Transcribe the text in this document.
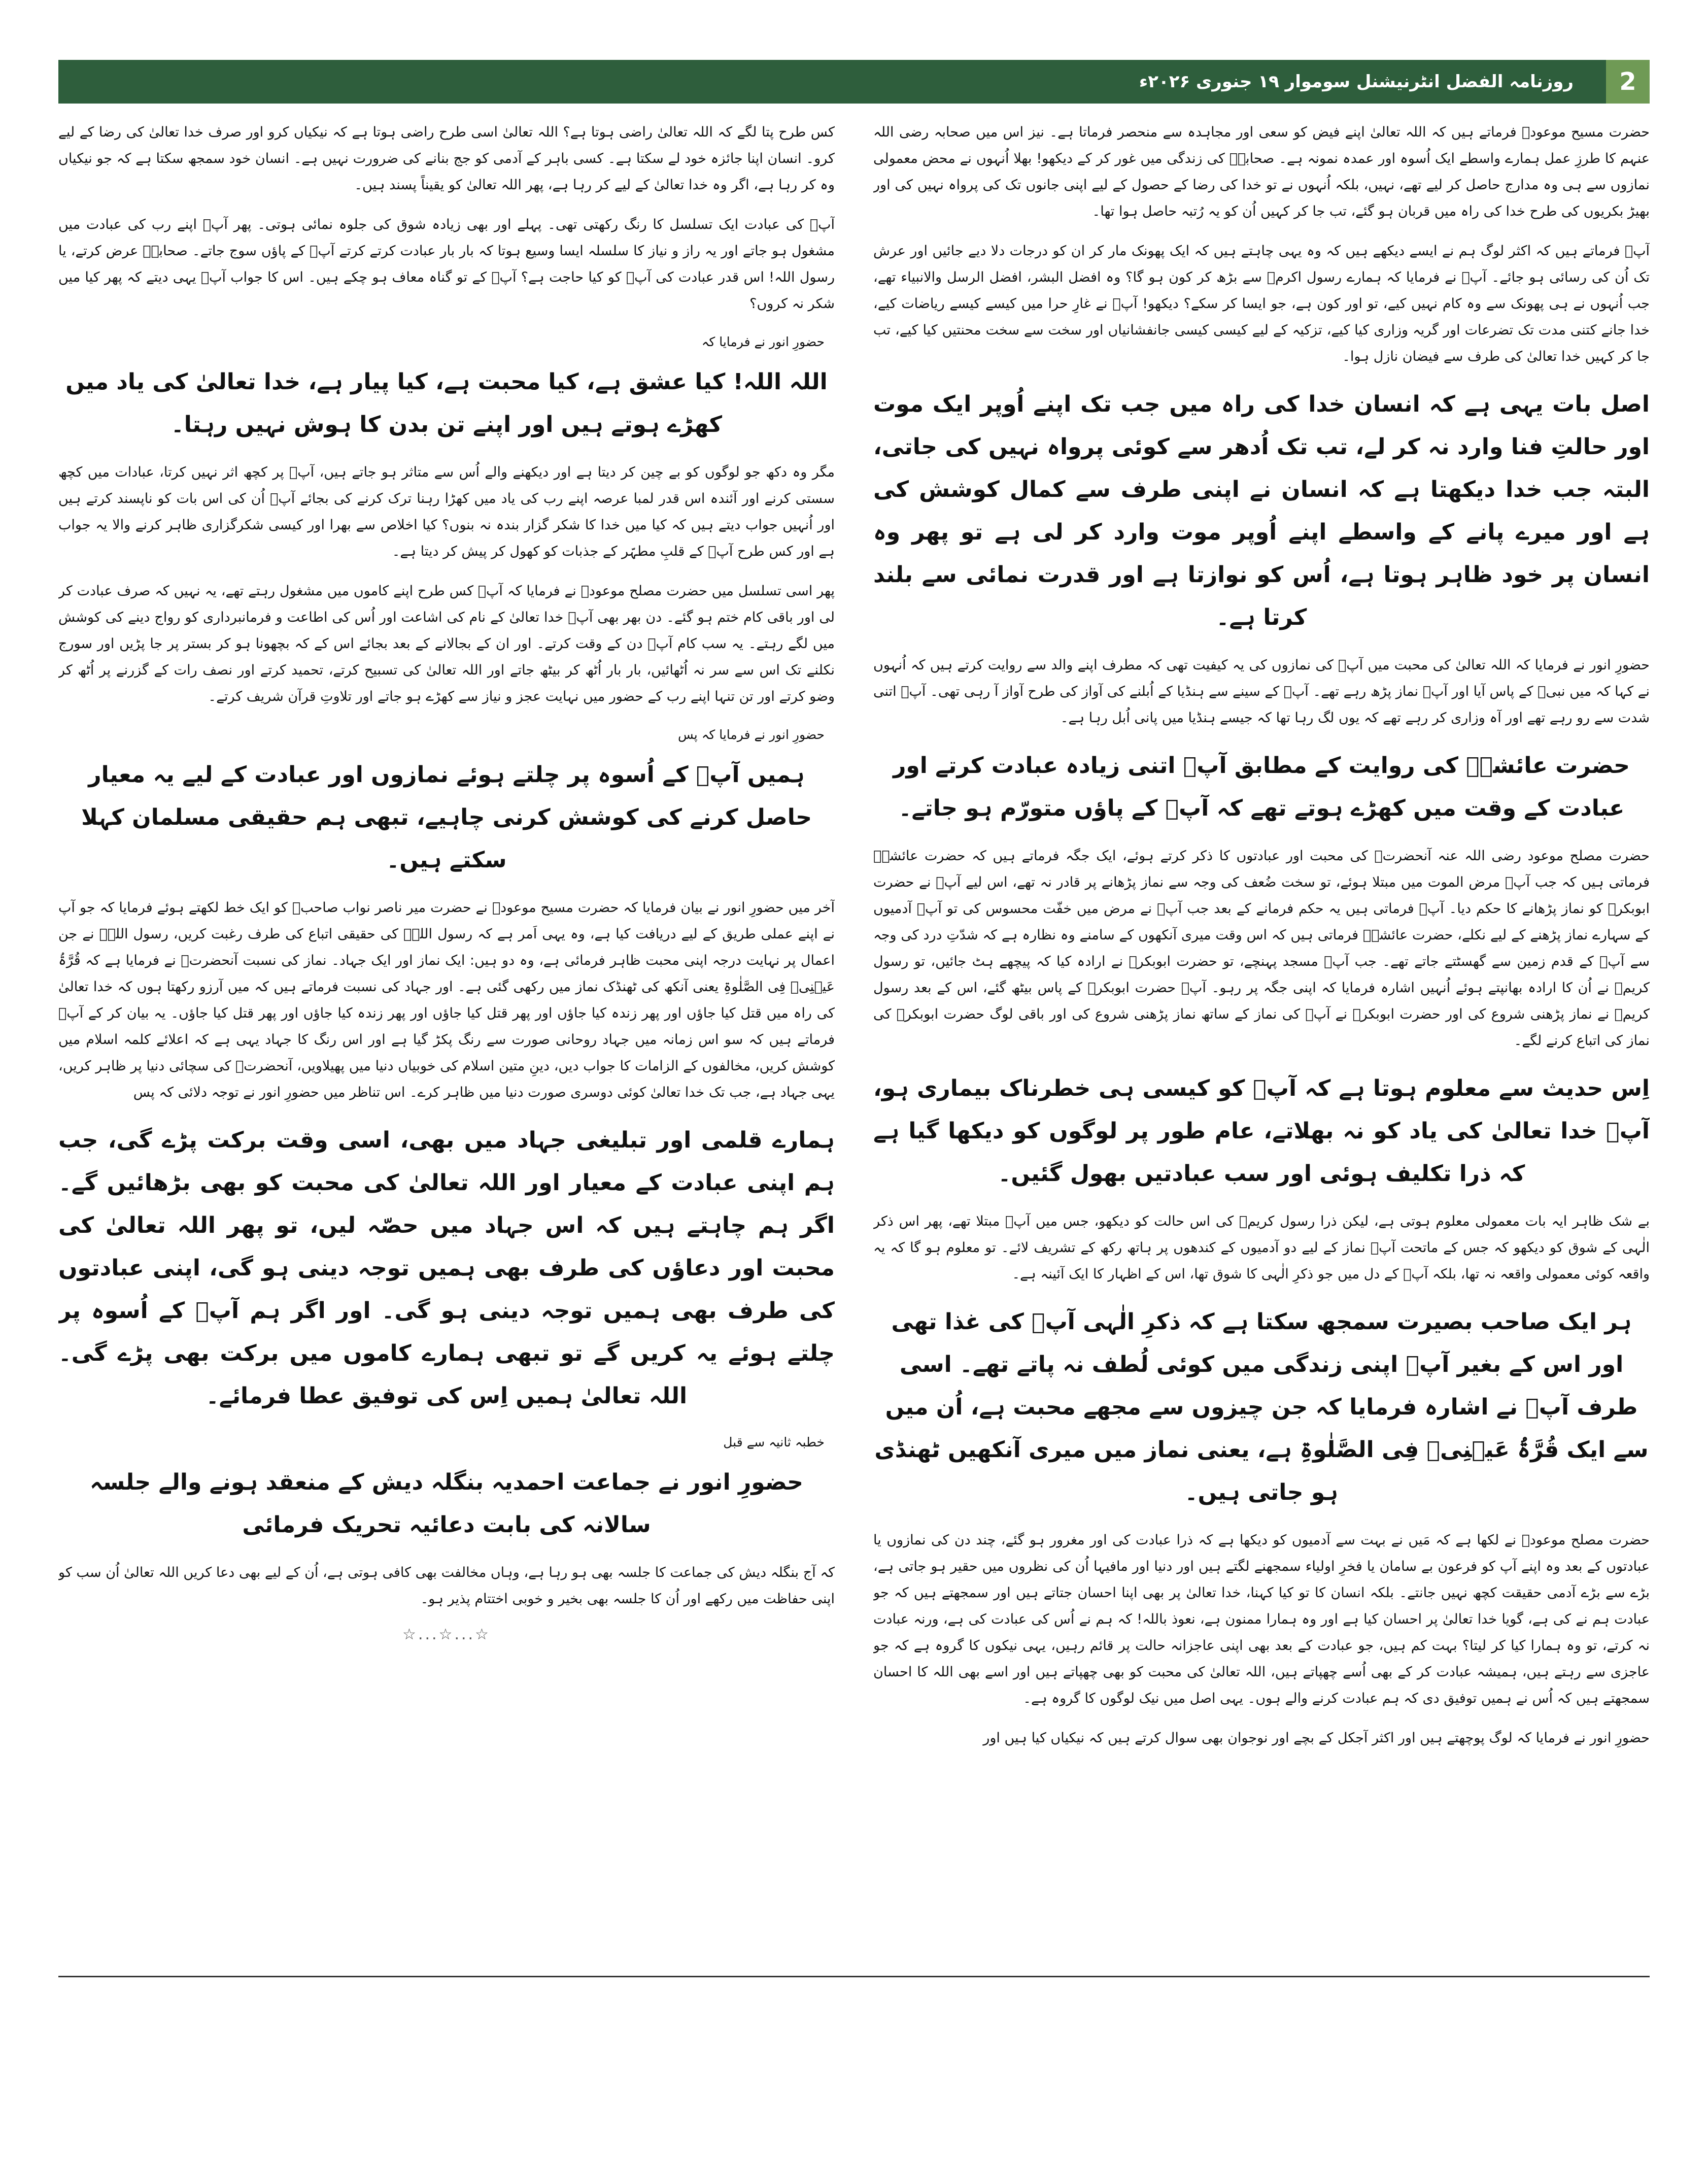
2
روزنامہ الفضل انٹرنیشنل سوموار ۱۹ جنوری ۲۰۲۶ء

حضرت مسیح موعودؑ فرماتے ہیں کہ اللہ تعالیٰ اپنے فیض کو سعی اور مجاہدہ سے منحصر فرماتا ہے۔ نیز اس میں صحابہ رضی اللہ عنہم کا طرزِ عمل ہمارے واسطے ایک اُسوہ اور عمدہ نمونہ ہے۔ صحابہؓ کی زندگی میں غور کر کے دیکھو! بھلا اُنہوں نے محض معمولی نمازوں سے ہی وہ مدارج حاصل کر لیے تھے، نہیں، بلکہ اُنہوں نے تو خدا کی رضا کے حصول کے لیے اپنی جانوں تک کی پرواہ نہیں کی اور بھیڑ بکریوں کی طرح خدا کی راہ میں قربان ہو گئے، تب جا کر کہیں اُن کو یہ رُتبہ حاصل ہوا تھا۔

آپؑ فرماتے ہیں کہ اکثر لوگ ہم نے ایسے دیکھے ہیں کہ وہ یہی چاہتے ہیں کہ ایک پھونک مار کر ان کو درجات دلا دیے جائیں اور عرش تک اُن کی رسائی ہو جائے۔ آپؑ نے فرمایا کہ ہمارے رسول اکرمؐ سے بڑھ کر کون ہو گا؟ وہ افضل البشر، افضل الرسل والانبیاء تھے، جب اُنہوں نے ہی پھونک سے وہ کام نہیں کیے، تو اور کون ہے، جو ایسا کر سکے؟ دیکھو! آپؐ نے غارِ حرا میں کیسے کیسے ریاضات کیے، خدا جانے کتنی مدت تک تضرعات اور گریہ وزاری کیا کیے، تزکیہ کے لیے کیسی کیسی جانفشانیاں اور سخت سے سخت محنتیں کیا کیے، تب جا کر کہیں خدا تعالیٰ کی طرف سے فیضان نازل ہوا۔

اصل بات یہی ہے کہ انسان خدا کی راہ میں جب تک اپنے اُوپر ایک موت اور حالتِ فنا وارد نہ کر لے، تب تک اُدھر سے کوئی پرواہ نہیں کی جاتی، البتہ جب خدا دیکھتا ہے کہ انسان نے اپنی طرف سے کمال کوشش کی ہے اور میرے پانے کے واسطے اپنے اُوپر موت وارد کر لی ہے تو پھر وہ انسان پر خود ظاہر ہوتا ہے، اُس کو نوازتا ہے اور قدرت نمائی سے بلند کرتا ہے۔

حضورِ انور نے فرمایا کہ اللہ تعالیٰ کی محبت میں آپؐ کی نمازوں کی یہ کیفیت تھی کہ مطرف اپنے والد سے روایت کرتے ہیں کہ اُنہوں نے کہا کہ میں نبیؐ کے پاس آیا اور آپؐ نماز پڑھ رہے تھے۔ آپؐ کے سینے سے ہنڈیا کے اُبلنے کی آواز کی طرح آواز آ رہی تھی۔ آپؐ اتنی شدت سے رو رہے تھے اور آہ وزاری کر رہے تھے کہ یوں لگ رہا تھا کہ جیسے ہنڈیا میں پانی اُبل رہا ہے۔

حضرت عائشہؓ کی روایت کے مطابق آپؐ اتنی زیادہ عبادت کرتے اور عبادت کے وقت میں کھڑے ہوتے تھے کہ آپؐ کے پاؤں متورّم ہو جاتے۔

حضرت مصلح موعود رضی اللہ عنہ آنحضرتؐ کی محبت اور عبادتوں کا ذکر کرتے ہوئے، ایک جگہ فرماتے ہیں کہ حضرت عائشہؓ فرماتی ہیں کہ جب آپؐ مرض الموت میں مبتلا ہوئے، تو سخت ضُعف کی وجہ سے نماز پڑھانے پر قادر نہ تھے، اس لیے آپؐ نے حضرت ابوبکرؓ کو نماز پڑھانے کا حکم دیا۔ آپؓ فرماتی ہیں یہ حکم فرمانے کے بعد جب آپؐ نے مرض میں خفّت محسوس کی تو آپؐ آدمیوں کے سہارے نماز پڑھنے کے لیے نکلے، حضرت عائشہؓ فرماتی ہیں کہ اس وقت میری آنکھوں کے سامنے وہ نظارہ ہے کہ شدّتِ درد کی وجہ سے آپؐ کے قدم زمین سے گھسٹتے جاتے تھے۔ جب آپؐ مسجد پہنچے، تو حضرت ابوبکرؓ نے ارادہ کیا کہ پیچھے ہٹ جائیں، تو رسول کریمؐ نے اُن کا ارادہ بھانپتے ہوئے اُنہیں اشارہ فرمایا کہ اپنی جگہ پر رہو۔ آپؐ حضرت ابوبکرؓ کے پاس بیٹھ گئے، اس کے بعد رسول کریمؐ نے نماز پڑھنی شروع کی اور حضرت ابوبکرؓ نے آپؐ کی نماز کے ساتھ نماز پڑھنی شروع کی اور باقی لوگ حضرت ابوبکرؓ کی نماز کی اتباع کرنے لگے۔

اِس حدیث سے معلوم ہوتا ہے کہ آپؐ کو کیسی ہی خطرناک بیماری ہو، آپؐ خدا تعالیٰ کی یاد کو نہ بھلاتے، عام طور پر لوگوں کو دیکھا گیا ہے کہ ذرا تکلیف ہوئی اور سب عبادتیں بھول گئیں۔

بے شک ظاہر ایہ بات معمولی معلوم ہوتی ہے، لیکن ذرا رسول کریمؐ کی اس حالت کو دیکھو، جس میں آپؐ مبتلا تھے، پھر اس ذکر الٰہی کے شوق کو دیکھو کہ جس کے ماتحت آپؐ نماز کے لیے دو آدمیوں کے کندھوں پر ہاتھ رکھ کے تشریف لائے۔ تو معلوم ہو گا کہ یہ واقعہ کوئی معمولی واقعہ نہ تھا، بلکہ آپؐ کے دل میں جو ذکرِ الٰہی کا شوق تھا، اس کے اظہار کا ایک آئینہ ہے۔

ہر ایک صاحب بصیرت سمجھ سکتا ہے کہ ذکرِ الٰہی آپؐ کی غذا تھی اور اس کے بغیر آپؐ اپنی زندگی میں کوئی لُطف نہ پاتے تھے۔ اسی طرف آپؐ نے اشارہ فرمایا کہ جن چیزوں سے مجھے محبت ہے، اُن میں سے ایک قُرَّۃُ عَیۡنِیۡ فِی الصَّلٰوۃِ ہے، یعنی نماز میں میری آنکھیں ٹھنڈی ہو جاتی ہیں۔

حضرت مصلح موعودؓ نے لکھا ہے کہ مَیں نے بہت سے آدمیوں کو دیکھا ہے کہ ذرا عبادت کی اور مغرور ہو گئے، چند دن کی نمازوں یا عبادتوں کے بعد وہ اپنے آپ کو فرعون بے سامان یا فخرِ اولیاء سمجھنے لگتے ہیں اور دنیا اور مافیہا اُن کی نظروں میں حقیر ہو جاتی ہے، بڑے سے بڑے آدمی حقیقت کچھ نہیں جانتے۔ بلکہ انسان کا تو کیا کہنا، خدا تعالیٰ پر بھی اپنا احسان جتاتے ہیں اور سمجھتے ہیں کہ جو عبادت ہم نے کی ہے، گویا خدا تعالیٰ پر احسان کیا ہے اور وہ ہمارا ممنون ہے، نعوذ باللہ! کہ ہم نے اُس کی عبادت کی ہے، ورنہ عبادت نہ کرتے، تو وہ ہمارا کیا کر لیتا؟ بہت کم ہیں، جو عبادت کے بعد بھی اپنی عاجزانہ حالت پر قائم رہیں، یہی نیکوں کا گروہ ہے کہ جو عاجزی سے رہتے ہیں، ہمیشہ عبادت کر کے بھی اُسے چھپاتے ہیں، اللہ تعالیٰ کی محبت کو بھی چھپاتے ہیں اور اسے بھی اللہ کا احسان سمجھتے ہیں کہ اُس نے ہمیں توفیق دی کہ ہم عبادت کرنے والے ہوں۔ یہی اصل میں نیک لوگوں کا گروہ ہے۔

حضورِ انور نے فرمایا کہ لوگ پوچھتے ہیں اور اکثر آجکل کے بچے اور نوجوان بھی سوال کرتے ہیں کہ نیکیاں کیا ہیں اور

کس طرح پتا لگے کہ اللہ تعالیٰ راضی ہوتا ہے؟ اللہ تعالیٰ اسی طرح راضی ہوتا ہے کہ نیکیاں کرو اور صرف خدا تعالیٰ کی رضا کے لیے کرو۔ انسان اپنا جائزہ خود لے سکتا ہے۔ کسی باہر کے آدمی کو جج بنانے کی ضرورت نہیں ہے۔ انسان خود سمجھ سکتا ہے کہ جو نیکیاں وہ کر رہا ہے، اگر وہ خدا تعالیٰ کے لیے کر رہا ہے، پھر اللہ تعالیٰ کو یقیناً پسند ہیں۔

آپؐ کی عبادت ایک تسلسل کا رنگ رکھتی تھی۔ پہلے اور بھی زیادہ شوق کی جلوہ نمائی ہوتی۔ پھر آپؐ اپنے رب کی عبادت میں مشغول ہو جاتے اور یہ راز و نیاز کا سلسلہ ایسا وسیع ہوتا کہ بار بار عبادت کرتے کرتے آپؐ کے پاؤں سوج جاتے۔ صحابہؓ عرض کرتے، یا رسول اللہ! اس قدر عبادت کی آپؐ کو کیا حاجت ہے؟ آپؐ کے تو گناہ معاف ہو چکے ہیں۔ اس کا جواب آپؐ یہی دیتے کہ پھر کیا میں شکر نہ کروں؟

حضورِ انور نے فرمایا کہ
اللہ اللہ! کیا عشق ہے، کیا محبت ہے، کیا پیار ہے، خدا تعالیٰ کی یاد میں کھڑے ہوتے ہیں اور اپنے تن بدن کا ہوش نہیں رہتا۔

مگر وہ دکھ جو لوگوں کو بے چین کر دیتا ہے اور دیکھنے والے اُس سے متاثر ہو جاتے ہیں، آپؐ پر کچھ اثر نہیں کرتا، عبادات میں کچھ سستی کرنے اور آئندہ اس قدر لمبا عرصہ اپنے رب کی یاد میں کھڑا رہنا ترک کرنے کی بجائے آپؐ اُن کی اس بات کو ناپسند کرتے ہیں اور اُنہیں جواب دیتے ہیں کہ کیا میں خدا کا شکر گزار بندہ نہ بنوں؟ کیا اخلاص سے بھرا اور کیسی شکرگزاری ظاہر کرنے والا یہ جواب ہے اور کس طرح آپؐ کے قلبِ مطہّر کے جذبات کو کھول کر پیش کر دیتا ہے۔

پھر اسی تسلسل میں حضرت مصلح موعودؓ نے فرمایا کہ آپؐ کس طرح اپنے کاموں میں مشغول رہتے تھے، یہ نہیں کہ صرف عبادت کر لی اور باقی کام ختم ہو گئے۔ دن بھر بھی آپؐ خدا تعالیٰ کے نام کی اشاعت اور اُس کی اطاعت و فرمانبرداری کو رواج دینے کی کوشش میں لگے رہتے۔ یہ سب کام آپؐ دن کے وقت کرتے۔ اور ان کے بجالانے کے بعد بجائے اس کے کہ بچھونا ہو کر بستر پر جا پڑیں اور سورج نکلنے تک اس سے سر نہ اُٹھائیں، بار بار اُٹھ کر بیٹھ جاتے اور اللہ تعالیٰ کی تسبیح کرتے، تحمید کرتے اور نصف رات کے گزرنے پر اُٹھ کر وضو کرتے اور تن تنہا اپنے رب کے حضور میں نہایت عجز و نیاز سے کھڑے ہو جاتے اور تلاوتِ قرآن شریف کرتے۔

حضورِ انور نے فرمایا کہ پس
ہمیں آپؐ کے اُسوہ پر چلتے ہوئے نمازوں اور عبادت کے لیے یہ معیار حاصل کرنے کی کوشش کرنی چاہیے، تبھی ہم حقیقی مسلمان کہلا سکتے ہیں۔

آخر میں حضورِ انور نے بیان فرمایا کہ حضرت مسیح موعودؑ نے حضرت میر ناصر نواب صاحبؓ کو ایک خط لکھتے ہوئے فرمایا کہ جو آپ نے اپنے عملی طریق کے لیے دریافت کیا ہے، وہ یہی اَمر ہے کہ رسول اللہؐ کی حقیقی اتباع کی طرف رغبت کریں، رسول اللہؐ نے جن اعمال پر نہایت درجہ اپنی محبت ظاہر فرمائی ہے، وہ دو ہیں: ایک نماز اور ایک جہاد۔ نماز کی نسبت آنحضرتؐ نے فرمایا ہے کہ قُرَّۃُ عَیۡنِیۡ فِی الصَّلٰوۃِ یعنی آنکھ کی ٹھنڈک نماز میں رکھی گئی ہے۔ اور جہاد کی نسبت فرماتے ہیں کہ میں آرزو رکھتا ہوں کہ خدا تعالیٰ کی راہ میں قتل کیا جاؤں اور پھر زندہ کیا جاؤں اور پھر قتل کیا جاؤں اور پھر زندہ کیا جاؤں اور پھر قتل کیا جاؤں۔ یہ بیان کر کے آپؑ فرماتے ہیں کہ سو اس زمانہ میں جہاد روحانی صورت سے رنگ پکڑ گیا ہے اور اس رنگ کا جہاد یہی ہے کہ اعلائے کلمہ اسلام میں کوشش کریں، مخالفوں کے الزامات کا جواب دیں، دینِ متین اسلام کی خوبیاں دنیا میں پھیلاویں، آنحضرتؐ کی سچائی دنیا پر ظاہر کریں، یہی جہاد ہے، جب تک خدا تعالیٰ کوئی دوسری صورت دنیا میں ظاہر کرے۔ اس تناظر میں حضورِ انور نے توجہ دلائی کہ پس

ہمارے قلمی اور تبلیغی جہاد میں بھی، اسی وقت برکت پڑے گی، جب ہم اپنی عبادت کے معیار اور اللہ تعالیٰ کی محبت کو بھی بڑھائیں گے۔ اگر ہم چاہتے ہیں کہ اس جہاد میں حصّہ لیں، تو پھر اللہ تعالیٰ کی محبت اور دعاؤں کی طرف بھی ہمیں توجہ دینی ہو گی، اپنی عبادتوں کی طرف بھی ہمیں توجہ دینی ہو گی۔ اور اگر ہم آپؐ کے اُسوہ پر چلتے ہوئے یہ کریں گے تو تبھی ہمارے کاموں میں برکت بھی پڑے گی۔ اللہ تعالیٰ ہمیں اِس کی توفیق عطا فرمائے۔
خطبہ ثانیہ سے قبل
حضورِ انور نے جماعت احمدیہ بنگلہ دیش کے منعقد ہونے والے جلسہ سالانہ کی بابت دعائیہ تحریک فرمائی

کہ آج بنگلہ دیش کی جماعت کا جلسہ بھی ہو رہا ہے، وہاں مخالفت بھی کافی ہوتی ہے، اُن کے لیے بھی دعا کریں اللہ تعالیٰ اُن سب کو اپنی حفاظت میں رکھے اور اُن کا جلسہ بھی بخیر و خوبی اختتام پذیر ہو۔

☆...☆...☆
